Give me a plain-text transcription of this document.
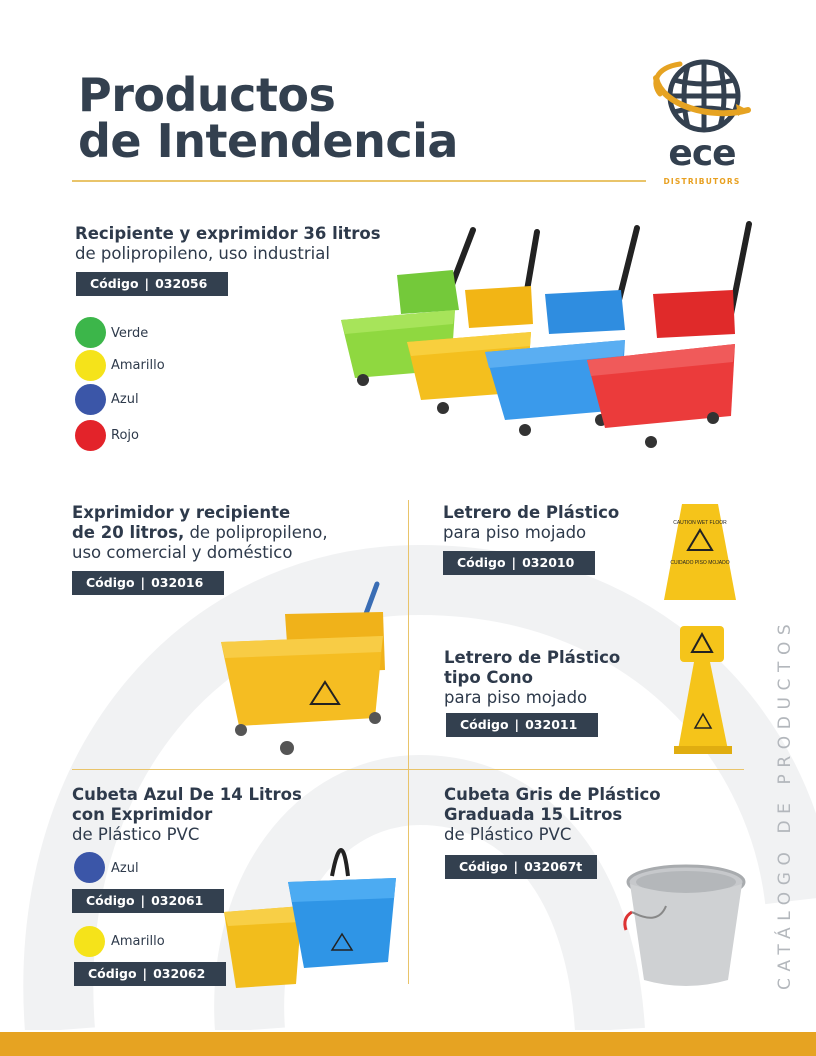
Productos
de Intendencia	ece
DISTRIBUTORS
Recipiente y exprimidor 36 litros
de polipropileno, uso industrial
Código | 032056
Verde
Amarillo
Azul
Rojo
Exprimidor y recipiente
de 20 litros, de polipropileno,
uso comercial y doméstico
Código | 032016
Letrero de Plástico
para piso mojado
Código | 032010
CAUTION WET FLOOR
CUIDADO PISO MOJADO
Letrero de Plástico
tipo Cono
para piso mojado
Código | 032011
Cubeta Azul De 14 Litros
con Exprimidor
de Plástico PVC
Azul
Código | 032061
Amarillo
Código | 032062
Cubeta Gris de Plástico
Graduada 15 Litros
de Plástico PVC
Código | 032067t	CATÁLOGO DE PRODUCTOS
